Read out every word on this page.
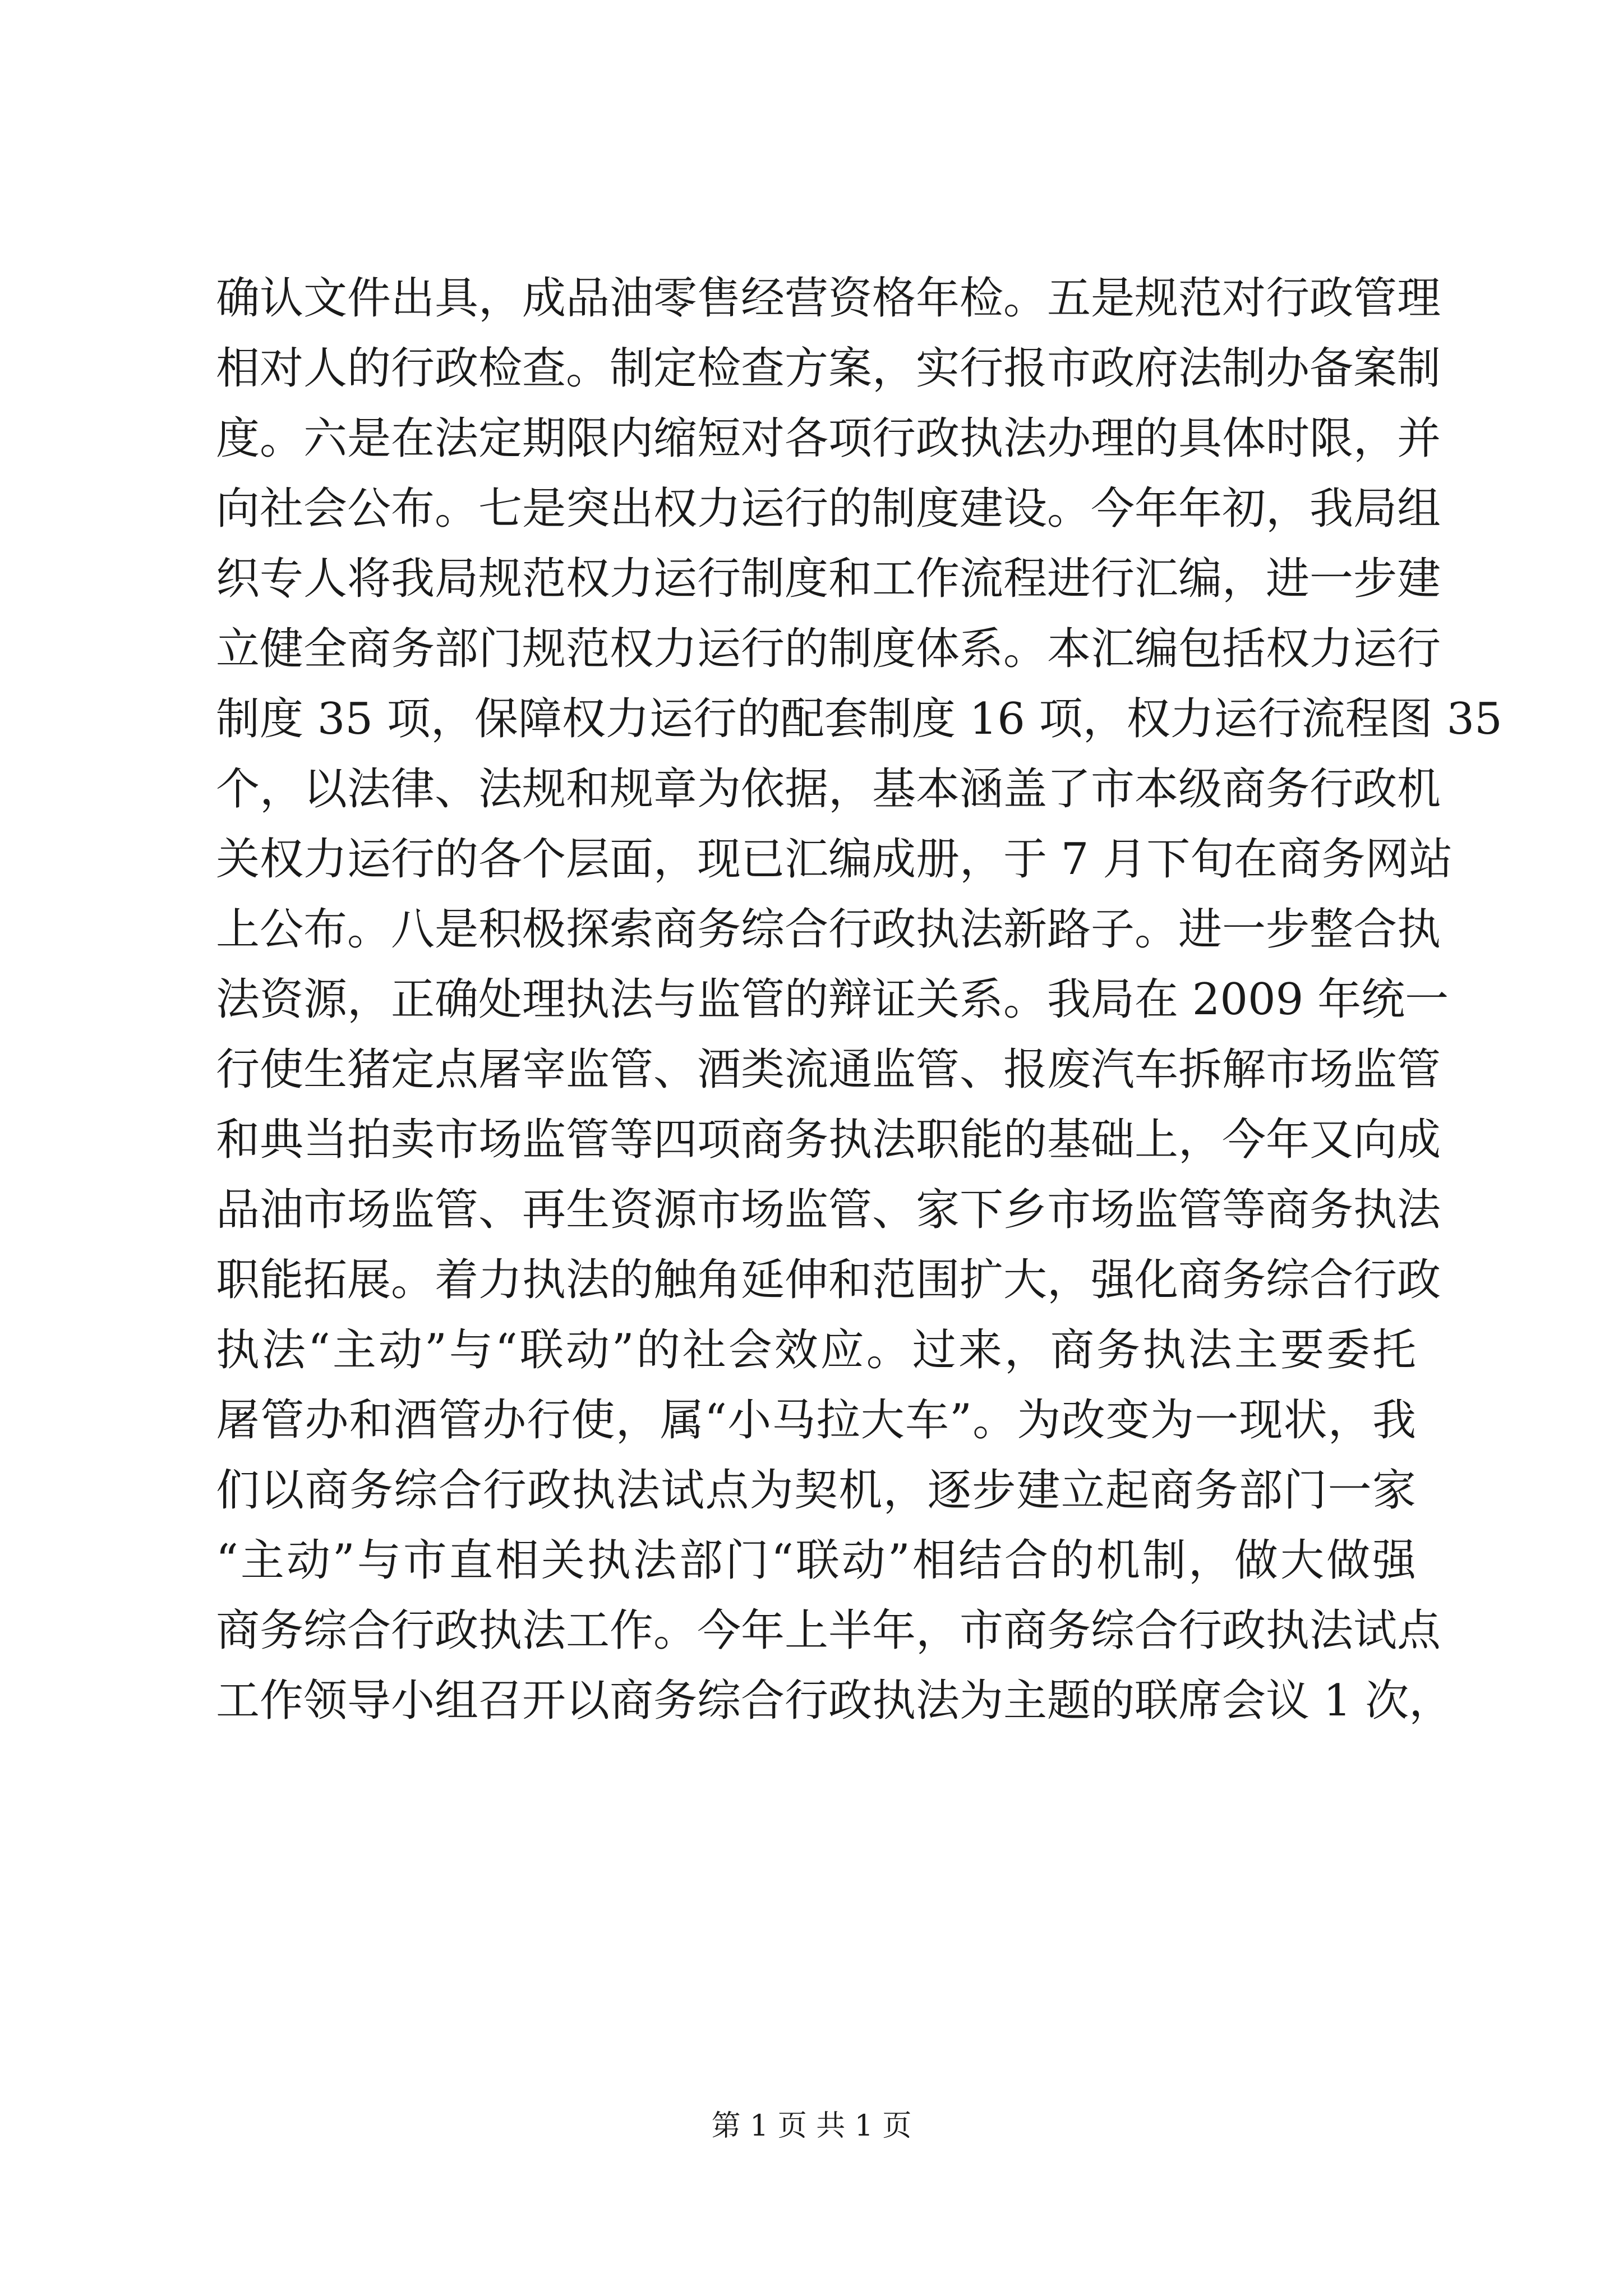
确认文件出具，成品油零售经营资格年检。五是规范对行政管理
相对人的行政检查。制定检查方案，实行报市政府法制办备案制
度。六是在法定期限内缩短对各项行政执法办理的具体时限，并
向社会公布。七是突出权力运行的制度建设。今年年初，我局组
织专人将我局规范权力运行制度和工作流程进行汇编，进一步建
立健全商务部门规范权力运行的制度体系。本汇编包括权力运行
制度 35 项，保障权力运行的配套制度 16 项，权力运行流程图 35
个，以法律、法规和规章为依据，基本涵盖了市本级商务行政机
关权力运行的各个层面，现已汇编成册，于 7 月下旬在商务网站
上公布。八是积极探索商务综合行政执法新路子。进一步整合执
法资源，正确处理执法与监管的辩证关系。我局在 2009 年统一
行使生猪定点屠宰监管、酒类流通监管、报废汽车拆解市场监管
和典当拍卖市场监管等四项商务执法职能的基础上，今年又向成
品油市场监管、再生资源市场监管、家下乡市场监管等商务执法
职能拓展。着力执法的触角延伸和范围扩大，强化商务综合行政
执法“主动”与“联动”的社会效应。过来，商务执法主要委托
屠管办和酒管办行使，属“小马拉大车”。为改变为一现状，我
们以商务综合行政执法试点为契机，逐步建立起商务部门一家
“主动”与市直相关执法部门“联动”相结合的机制，做大做强
商务综合行政执法工作。今年上半年，市商务综合行政执法试点
工作领导小组召开以商务综合行政执法为主题的联席会议 1 次，
第 1 页 共 1 页
